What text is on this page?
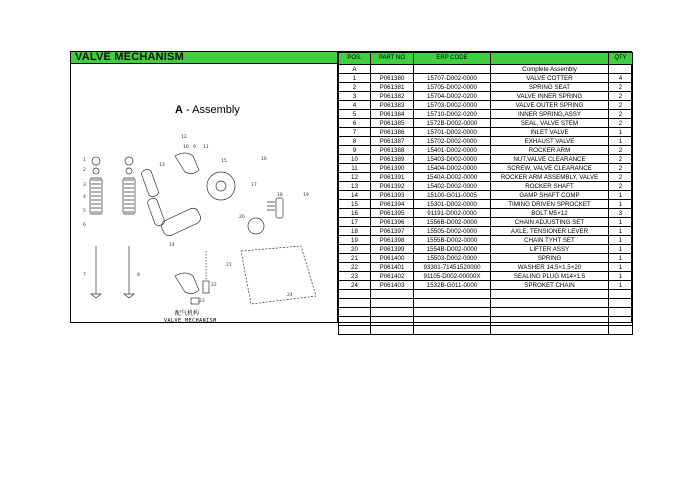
VALVE MECHANISM
A - Assembly
12
10 9 11
1
2
3
4
5
6
7	8
13
14
15	16
17
18	19
20
21
22
23
24
配气机构
VALVE MECHANISM
POS.	PART NO	ERP CODE		QTY
A			Complete Assembly	
1	P061380	15707-D002-0000	VALVE COTTER	4
2	P061381	15705-D002-0000	SPRING SEAT	2
3	P061382	15704-D002-0200	VALVE INNER SPRING	2
4	P061383	15703-D002-0000	VALVE OUTER SPRING	2
5	P061384	15710-D002-0200	INNER SPRING,ASSY	2
6	P061385	1572B-D002-0000	SEAL, VALVE STEM	2
7	P061386	15701-D002-0000	INLET VALVE	1
8	P061387	15702-D002-0000	EXHAUST VALVE	1
9	P061388	15401-D002-0000	ROCKER ARM	2
10	P061389	15403-D002-0000	NUT,VALVE CLEARANCE	2
11	P061390	15404-D002-0000	SCREW, VALVE CLEARANCE	2
12	P061391	1540A-D002-0000	ROCKER ARM ASSEMBLY, VALVE	2
13	P061392	15402-D002-0000	ROCKER SHAFT	2
14	P061393	15100-G011-0005	GAMP SHAFT COMP	1
15	P061394	15301-D002-0000	TIMING DRIVEN SPROCKET	1
16	P061395	91191-D002-0000	BOLT M5×12	3
17	P061396	1556B-D002-0000	CHAIN ADJUSTING SET	1
18	P061397	15505-D002-0000	AXLE, TENSIONER LEVER	1
19	P061398	1555B-D002-0000	CHAIN TYHT SET	1
20	P061399	1554B-D002-0000	LIFTER ASSY	1
21	P061400	15503-D002-0000	SPRING	1
22	P061401	93301-71451520000	WASHER 14.5×1.5×20	1
23	P061402	91105-D002-00000X	SEALING PLUG M14×1.5	1
24	P061403	1532B-G011-0000	SPROKET CHAIN	1
